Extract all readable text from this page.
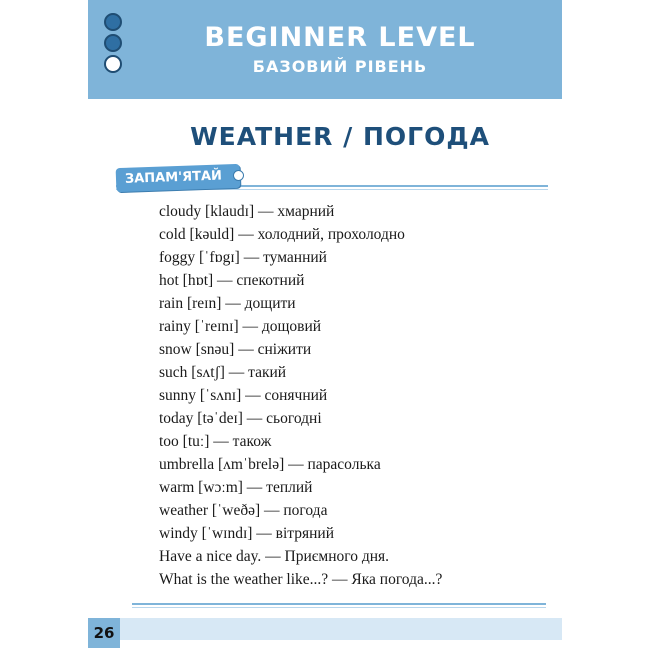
BEGINNER LEVEL
БАЗОВИЙ РІВЕНЬ
WEATHER / ПОГОДА
ЗАПАМ'ЯТАЙ
cloudy [klaudɪ] — хмарний
cold [kəuld] — холодний, прохолодно
foggy [ˈfɒgɪ] — туманний
hot [hɒt] — спекотний
rain [reɪn] — дощити
rainy [ˈreɪnɪ] — дощовий
snow [snəu] — сніжити
such [sʌtʃ] — такий
sunny [ˈsʌnɪ] — сонячний
today [təˈdeɪ] — сьогодні
too [tuː] — також
umbrella [ʌmˈbrelə] — парасолька
warm [wɔːm] — теплий
weather [ˈweðə] — погода
windy [ˈwɪndɪ] — вітряний
Have a nice day. — Приємного дня.
What is the weather like...? — Яка погода...?
26
